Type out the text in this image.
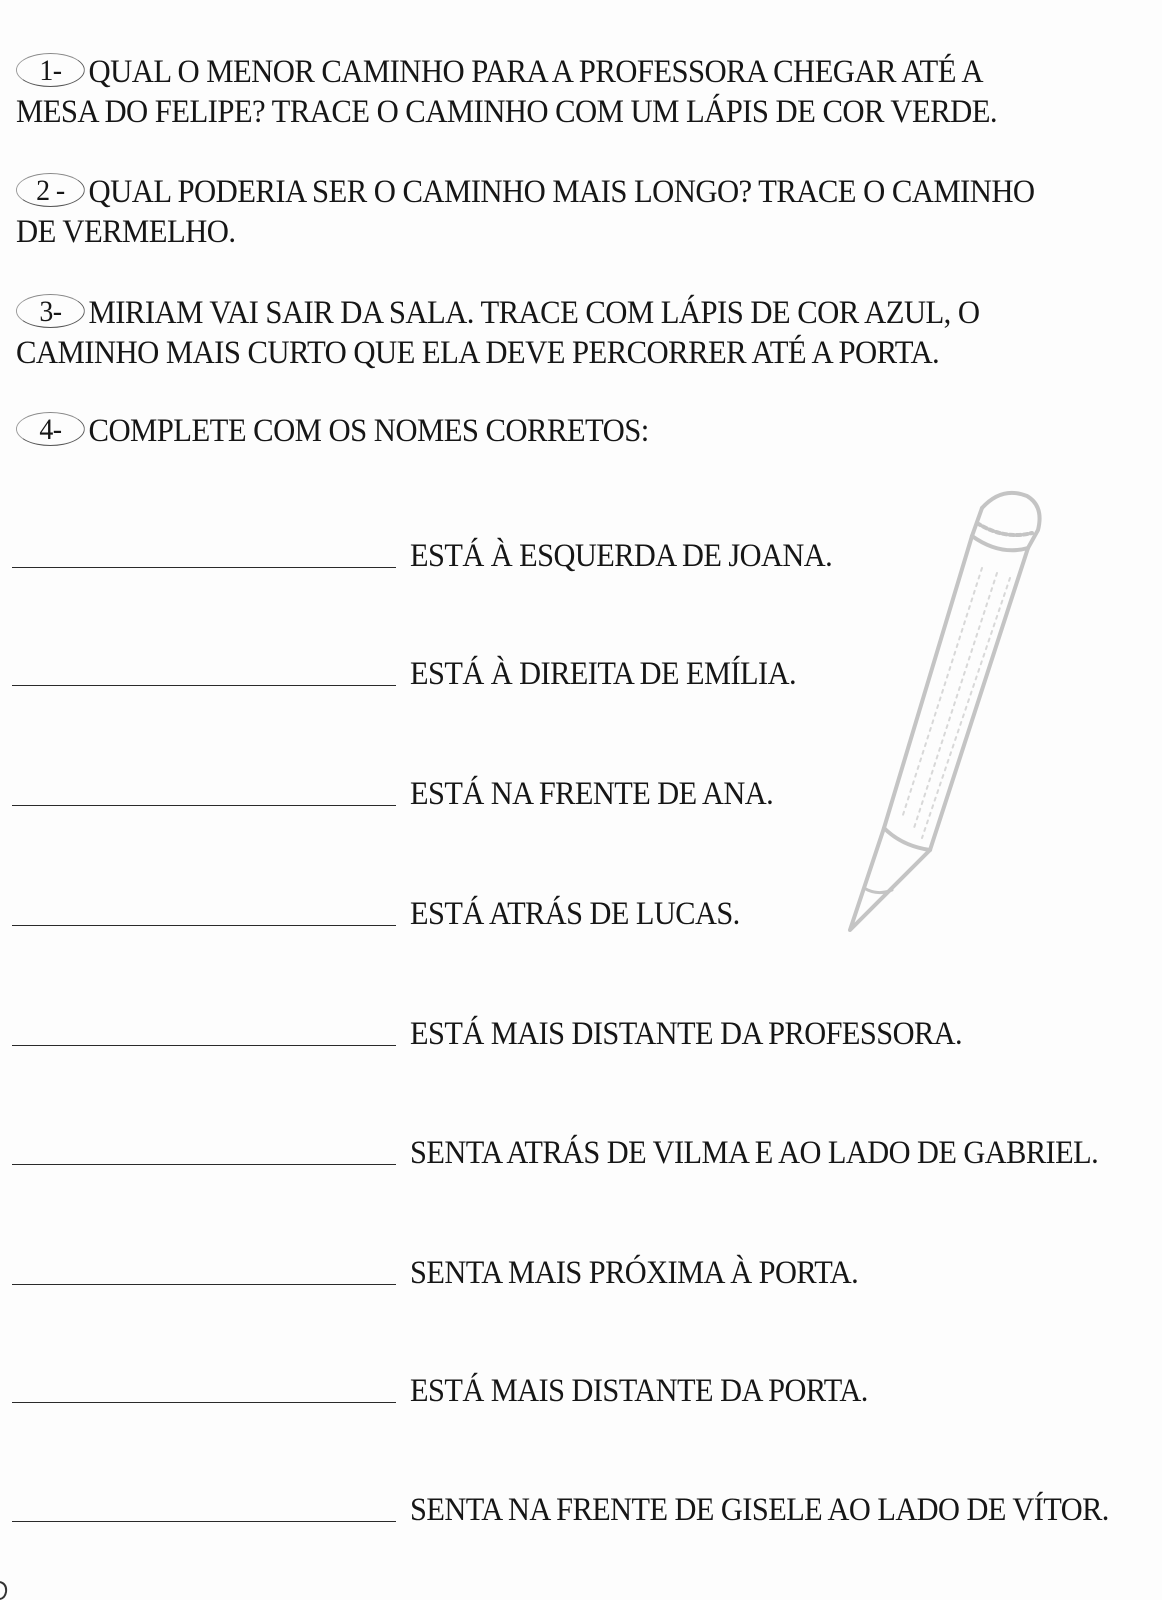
1- QUAL O MENOR CAMINHO PARA A PROFESSORA CHEGAR ATÉ A MESA DO FELIPE? TRACE O CAMINHO COM UM LÁPIS DE COR VERDE.
2 - QUAL PODERIA SER O CAMINHO MAIS LONGO? TRACE O CAMINHO DE VERMELHO.
3- MIRIAM VAI SAIR DA SALA. TRACE COM LÁPIS DE COR AZUL, O CAMINHO MAIS CURTO QUE ELA DEVE PERCORRER ATÉ A PORTA.
4- COMPLETE COM OS NOMES CORRETOS:
ESTÁ À ESQUERDA DE JOANA.
ESTÁ À DIREITA DE EMÍLIA.
ESTÁ NA FRENTE DE ANA.
ESTÁ ATRÁS DE LUCAS.
ESTÁ MAIS DISTANTE DA PROFESSORA.
SENTA ATRÁS DE VILMA E AO LADO DE GABRIEL.
SENTA MAIS PRÓXIMA À PORTA.
ESTÁ MAIS DISTANTE DA PORTA.
SENTA NA FRENTE DE GISELE AO LADO DE VÍTOR.
